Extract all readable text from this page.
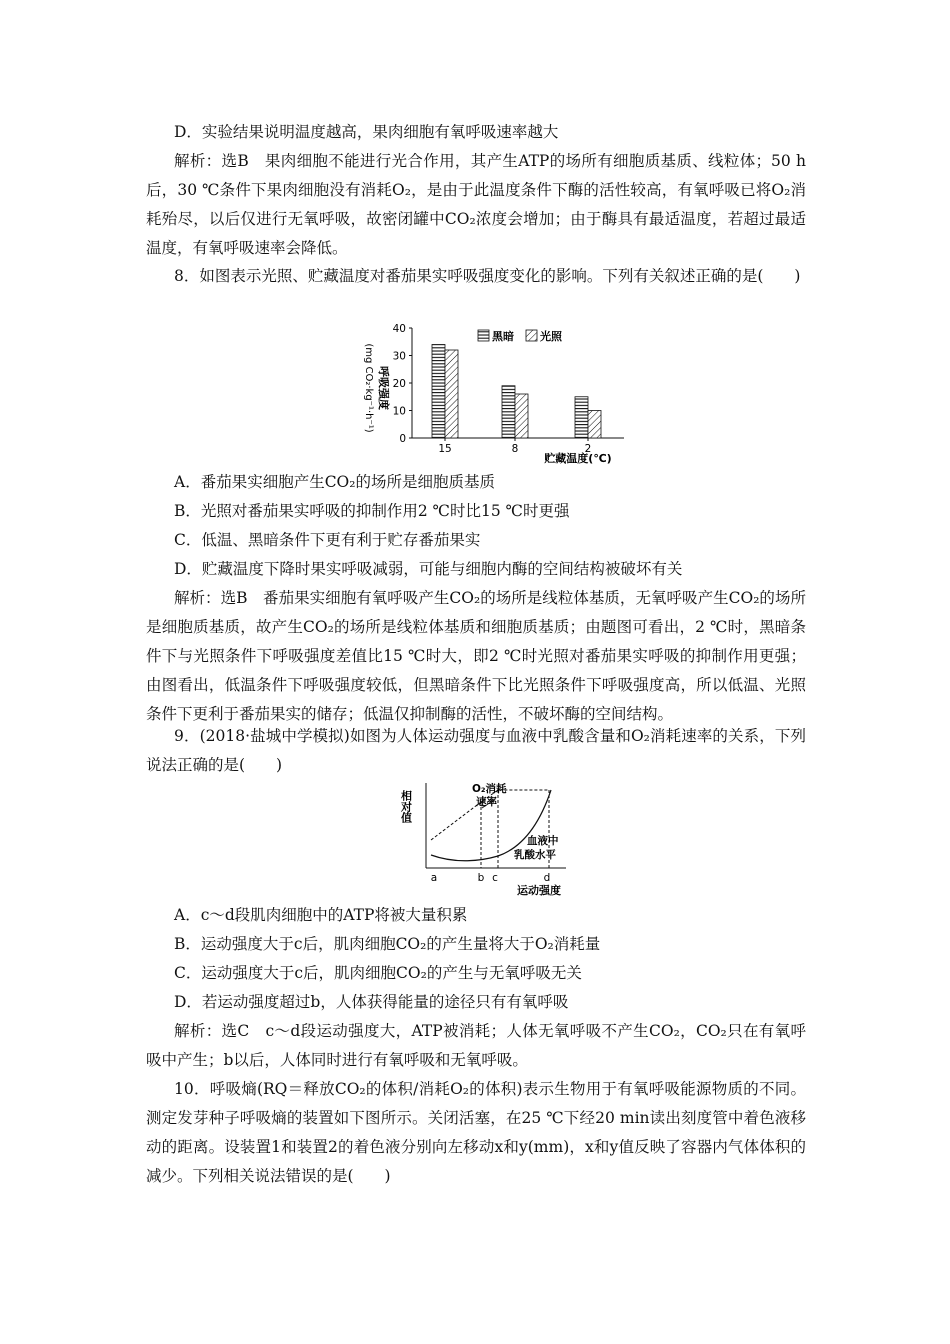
D．实验结果说明温度越高，果肉细胞有氧呼吸速率越大

解析：选B　果肉细胞不能进行光合作用，其产生ATP的场所有细胞质基质、线粒体；50 h后，30 ℃条件下果肉细胞没有消耗O₂，是由于此温度条件下酶的活性较高，有氧呼吸已将O₂消耗殆尽，以后仅进行无氧呼吸，故密闭罐中CO₂浓度会增加；由于酶具有最适温度，若超过最适温度，有氧呼吸速率会降低。

8．如图表示光照、贮藏温度对番茄果实呼吸强度变化的影响。下列有关叙述正确的是(　　)

呼吸强度
(mg CO₂·kg⁻¹·h⁻¹)
0
10
20
30
40
15	8	2
黑暗 光照
贮藏温度(℃)

A．番茄果实细胞产生CO₂的场所是细胞质基质

B．光照对番茄果实呼吸的抑制作用2 ℃时比15 ℃时更强

C．低温、黑暗条件下更有利于贮存番茄果实

D．贮藏温度下降时果实呼吸减弱，可能与细胞内酶的空间结构被破坏有关

解析：选B　番茄果实细胞有氧呼吸产生CO₂的场所是线粒体基质，无氧呼吸产生CO₂的场所是细胞质基质，故产生CO₂的场所是线粒体基质和细胞质基质；由题图可看出，2 ℃时，黑暗条件下与光照条件下呼吸强度差值比15 ℃时大，即2 ℃时光照对番茄果实呼吸的抑制作用更强；由图看出，低温条件下呼吸强度较低，但黑暗条件下比光照条件下呼吸强度高，所以低温、光照条件下更利于番茄果实的储存；低温仅抑制酶的活性，不破坏酶的空间结构。

9．(2018·盐城中学模拟)如图为人体运动强度与血液中乳酸含量和O₂消耗速率的关系，下列说法正确的是(　　)

相对值
O₂消耗
速率
血液中
乳酸水平
a	b c	d
运动强度

A．c～d段肌肉细胞中的ATP将被大量积累

B．运动强度大于c后，肌肉细胞CO₂的产生量将大于O₂消耗量

C．运动强度大于c后，肌肉细胞CO₂的产生与无氧呼吸无关

D．若运动强度超过b，人体获得能量的途径只有有氧呼吸

解析：选C　c～d段运动强度大，ATP被消耗；人体无氧呼吸不产生CO₂，CO₂只在有氧呼吸中产生；b以后，人体同时进行有氧呼吸和无氧呼吸。

10．呼吸熵(RQ＝释放CO₂的体积/消耗O₂的体积)表示生物用于有氧呼吸能源物质的不同。测定发芽种子呼吸熵的装置如下图所示。关闭活塞，在25 ℃下经20 min读出刻度管中着色液移动的距离。设装置1和装置2的着色液分别向左移动x和y(mm)，x和y值反映了容器内气体体积的减少。下列相关说法错误的是(　　)
